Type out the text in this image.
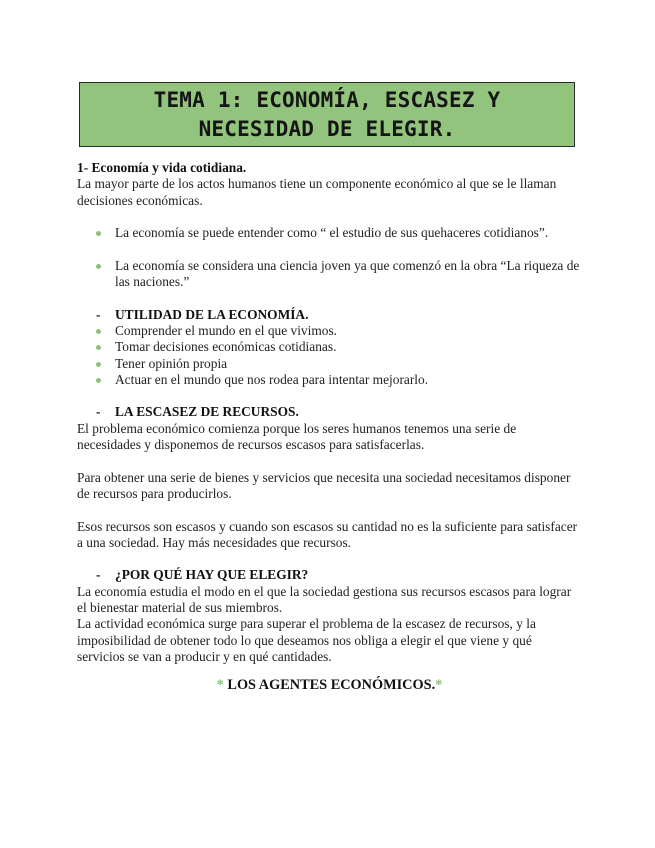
TEMA 1: ECONOMÍA, ESCASEZ Y NECESIDAD DE ELEGIR.

1- Economía y vida cotidiana.

La mayor parte de los actos humanos tiene un componente económico al que se le llaman decisiones económicas.

La economía se puede entender como “ el estudio de sus quehaceres cotidianos”.
La economía se considera una ciencia joven ya que comenzó en la obra “La riqueza de las naciones.”
- UTILIDAD DE LA ECONOMÍA.
Comprender el mundo en el que vivimos.
Tomar decisiones económicas cotidianas.
Tener opinión propia
Actuar en el mundo que nos rodea para intentar mejorarlo.
- LA ESCASEZ DE RECURSOS.

El problema económico comienza porque los seres humanos tenemos una serie de necesidades y disponemos de recursos escasos para satisfacerlas.

Para obtener una serie de bienes y servicios que necesita una sociedad necesitamos disponer de recursos para producirlos.

Esos recursos son escasos y cuando son escasos su cantidad no es la suficiente para satisfacer a una sociedad. Hay más necesidades que recursos.

- ¿POR QUÉ HAY QUE ELEGIR?

La economía estudia el modo en el que la sociedad gestiona sus recursos escasos para lograr el bienestar material de sus miembros.

La actividad económica surge para superar el problema de la escasez de recursos, y la imposibilidad de obtener todo lo que deseamos nos obliga a elegir el que viene y qué servicios se van a producir y en qué cantidades.

* LOS AGENTES ECONÓMICOS.*
